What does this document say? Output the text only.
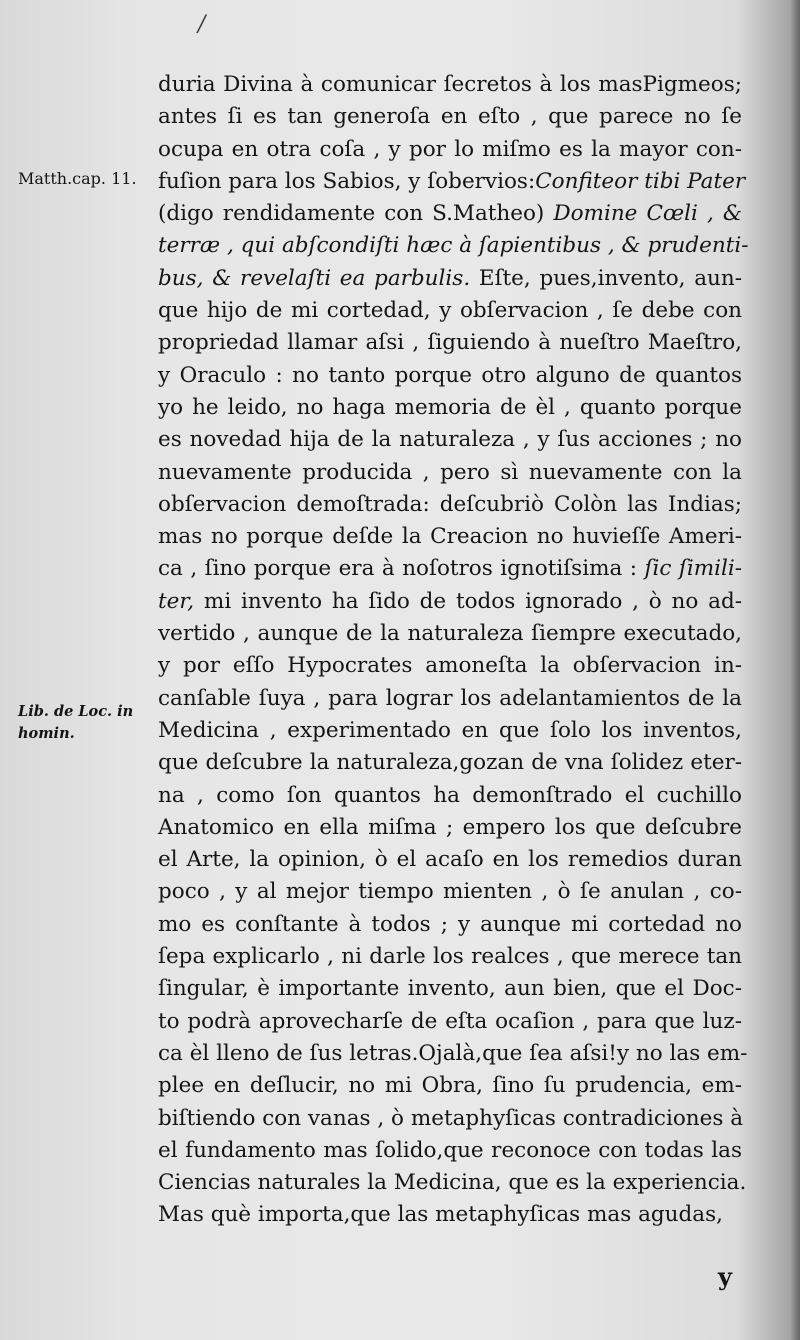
/
Matth.cap. 11.
Lib. de Loc. in
homin.
duria Divina à comunicar ſecretos à los masPigmeos;
antes ſi es tan generoſa en eſto , que parece no ſe
ocupa en otra coſa , y por lo miſmo es la mayor con-
fuſion para los Sabios, y ſobervios:Confiteor tibi Pater
(digo rendidamente con S.Matheo) Domine Cœli , &
terræ , qui abſcondiſti hæc à ſapientibus , & prudenti-
bus, & revelaſti ea parbulis. Eſte, pues,invento, aun-
que hijo de mi cortedad, y obſervacion , ſe debe con
propriedad llamar aſsi , ſiguiendo à nueſtro Maeſtro,
y Oraculo : no tanto porque otro alguno de quantos
yo he leido, no haga memoria de èl , quanto porque
es novedad hija de la naturaleza , y ſus acciones ; no
nuevamente producida , pero sì nuevamente con la
obſervacion demoſtrada: deſcubriò Colòn las Indias;
mas no porque deſde la Creacion no huvieſſe Ameri-
ca , ſino porque era à noſotros ignotiſsima : ſic ſimili-
ter, mi invento ha ſido de todos ignorado , ò no ad-
vertido , aunque de la naturaleza ſiempre executado,
y por eſſo Hypocrates amoneſta la obſervacion in-
canſable ſuya , para lograr los adelantamientos de la
Medicina , experimentado en que ſolo los inventos,
que deſcubre la naturaleza,gozan de vna ſolidez eter-
na , como ſon quantos ha demonſtrado el cuchillo
Anatomico en ella miſma ; empero los que deſcubre
el Arte, la opinion, ò el acaſo en los remedios duran
poco , y al mejor tiempo mienten , ò ſe anulan , co-
mo es conſtante à todos ; y aunque mi cortedad no
ſepa explicarlo , ni darle los realces , que merece tan
ſingular, è importante invento, aun bien, que el Doc-
to podrà aprovecharſe de eſta ocaſion , para que luz-
ca èl lleno de ſus letras.Ojalà,que ſea aſsi!y no las em-
plee en deſlucir, no mi Obra, ſino ſu prudencia, em-
biſtiendo con vanas , ò metaphyſicas contradiciones à
el fundamento mas ſolido,que reconoce con todas las
Ciencias naturales la Medicina, que es la experiencia.
Mas què importa,que las metaphyſicas mas agudas,
y
